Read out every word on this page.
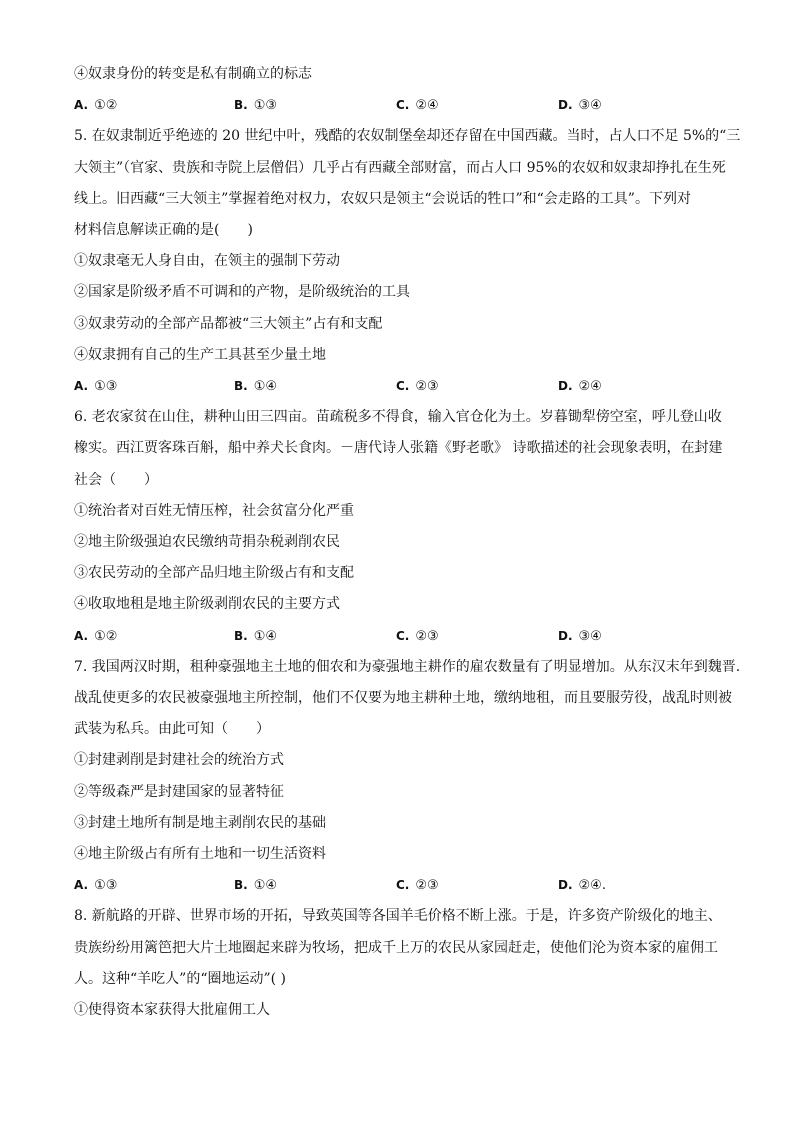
④奴隶身份的转变是私有制确立的标志
A. ①②	B. ①③	C. ②④	D. ③④
5. 在奴隶制近乎绝迹的 20 世纪中叶，残酷的农奴制堡垒却还存留在中国西藏。当时，占人口不足 5%的“三
大领主”（官家、贵族和寺院上层僧侣）几乎占有西藏全部财富，而占人口 95%的农奴和奴隶却挣扎在生死
线上。旧西藏“三大领主”掌握着绝对权力，农奴只是领主“会说话的牲口”和“会走路的工具”。下列对
材料信息解读正确的是(　　)
①奴隶毫无人身自由，在领主的强制下劳动
②国家是阶级矛盾不可调和的产物，是阶级统治的工具
③奴隶劳动的全部产品都被“三大领主”占有和支配
④奴隶拥有自己的生产工具甚至少量土地
A. ①③	B. ①④	C. ②③	D. ②④
6. 老农家贫在山住，耕种山田三四亩。苗疏税多不得食，输入官仓化为土。岁暮锄犁傍空室，呼儿登山收
橡实。西江贾客珠百斛，船中养犬长食肉。－唐代诗人张籍《野老歌》 诗歌描述的社会现象表明，在封建
社会（　　）
①统治者对百姓无情压榨，社会贫富分化严重
②地主阶级强迫农民缴纳苛捐杂税剥削农民
③农民劳动的全部产品归地主阶级占有和支配
④收取地租是地主阶级剥削农民的主要方式
A. ①②	B. ①④	C. ②③	D. ③④
7. 我国两汉时期，租种豪强地主土地的佃农和为豪强地主耕作的雇农数量有了明显增加。从东汉末年到魏晋.
战乱使更多的农民被豪强地主所控制，他们不仅要为地主耕种土地，缴纳地租，而且要服劳役，战乱时则被
武装为私兵。由此可知（　　）
①封建剥削是封建社会的统治方式
②等级森严是封建国家的显著特征
③封建土地所有制是地主剥削农民的基础
④地主阶级占有所有土地和一切生活资料
A. ①③	B. ①④	C. ②③	D. ②④.
8. 新航路的开辟、世界市场的开拓，导致英国等各国羊毛价格不断上涨。于是，许多资产阶级化的地主、
贵族纷纷用篱笆把大片土地圈起来辟为牧场，把成千上万的农民从家园赶走，使他们沦为资本家的雇佣工
人。这种“羊吃人”的“圈地运动”( )
①使得资本家获得大批雇佣工人
